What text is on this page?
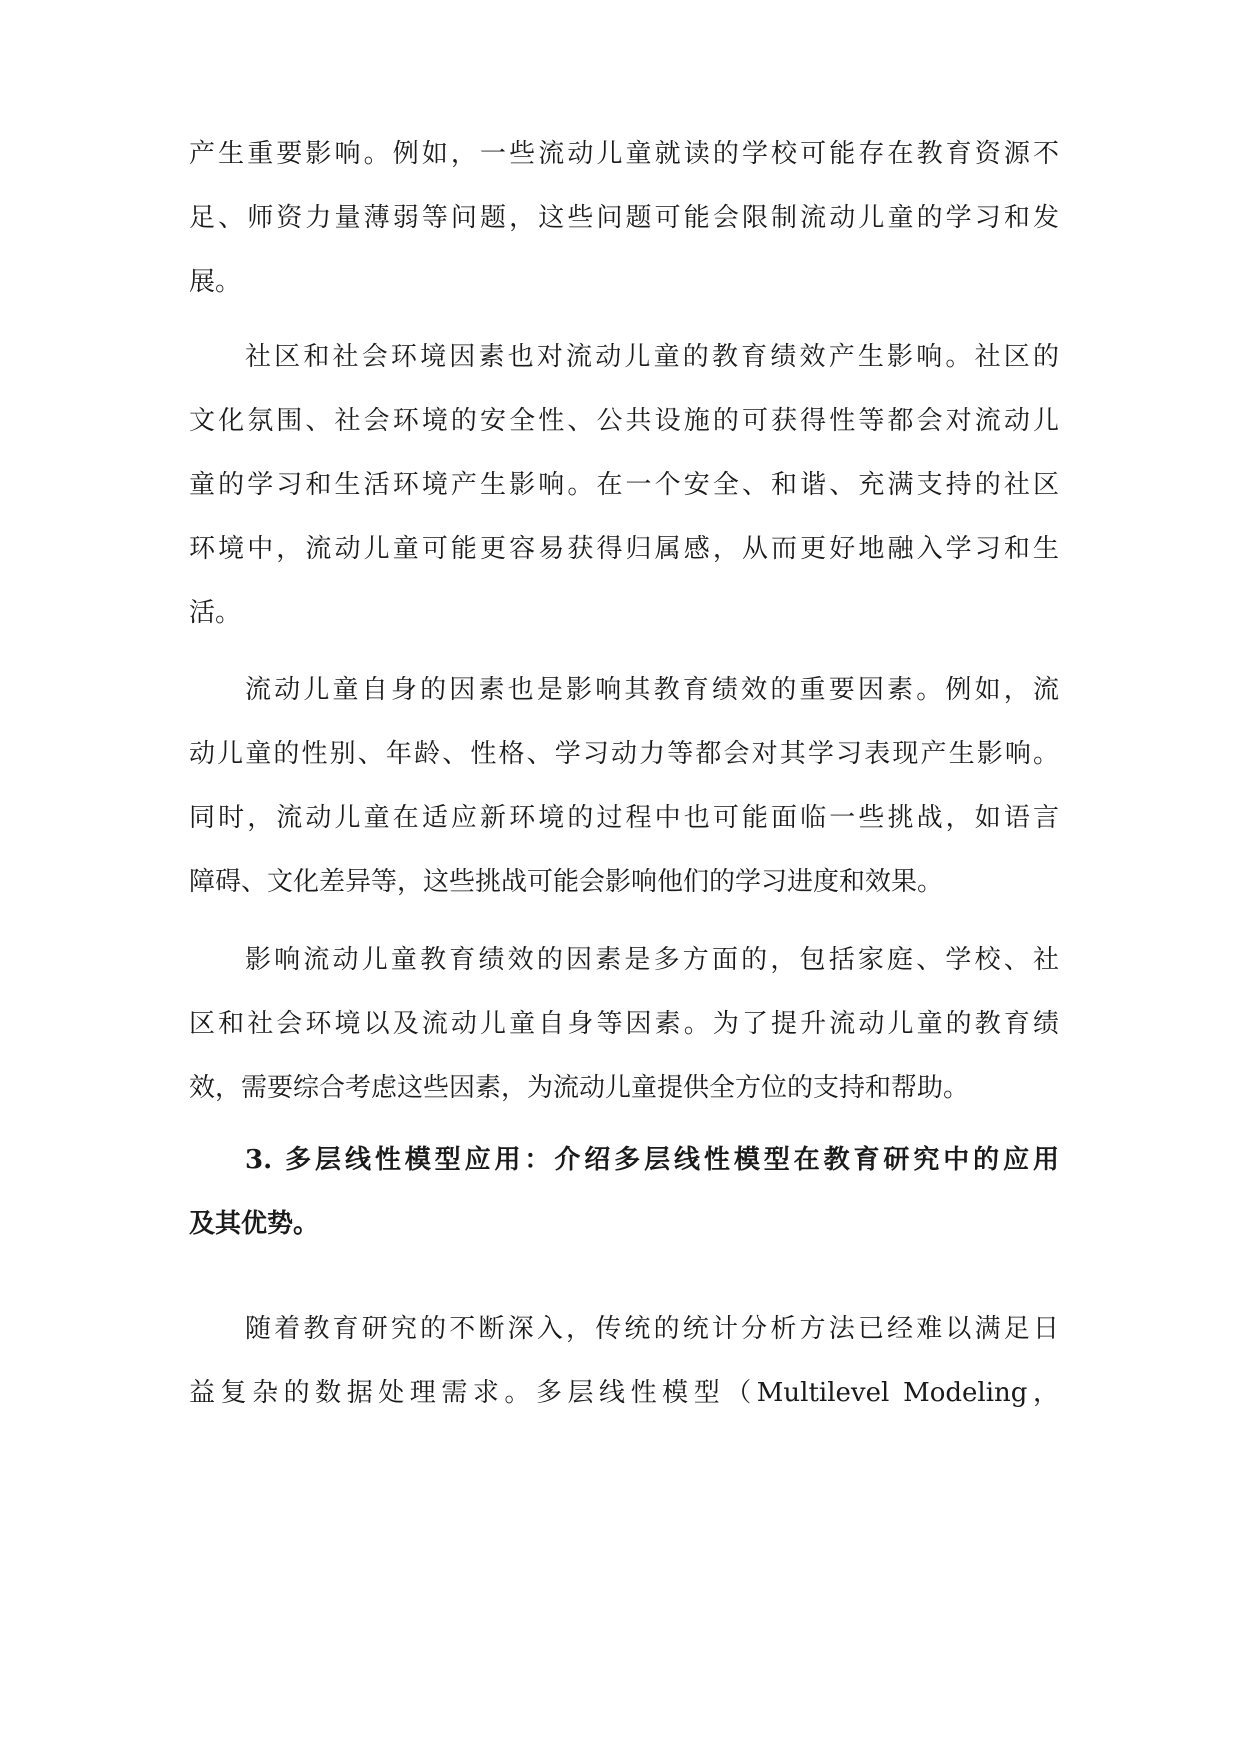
产生重要影响。例如，一些流动儿童就读的学校可能存在教育资源不
足、师资力量薄弱等问题，这些问题可能会限制流动儿童的学习和发
展。
社区和社会环境因素也对流动儿童的教育绩效产生影响。社区的
文化氛围、社会环境的安全性、公共设施的可获得性等都会对流动儿
童的学习和生活环境产生影响。在一个安全、和谐、充满支持的社区
环境中，流动儿童可能更容易获得归属感，从而更好地融入学习和生
活。
流动儿童自身的因素也是影响其教育绩效的重要因素。例如，流
动儿童的性别、年龄、性格、学习动力等都会对其学习表现产生影响。
同时，流动儿童在适应新环境的过程中也可能面临一些挑战，如语言
障碍、文化差异等，这些挑战可能会影响他们的学习进度和效果。
影响流动儿童教育绩效的因素是多方面的，包括家庭、学校、社
区和社会环境以及流动儿童自身等因素。为了提升流动儿童的教育绩
效，需要综合考虑这些因素，为流动儿童提供全方位的支持和帮助。
3. 多层线性模型应用：介绍多层线性模型在教育研究中的应用
及其优势。
随着教育研究的不断深入，传统的统计分析方法已经难以满足日
益复杂的数据处理需求。多层线性模型（Multilevel Modeling，
